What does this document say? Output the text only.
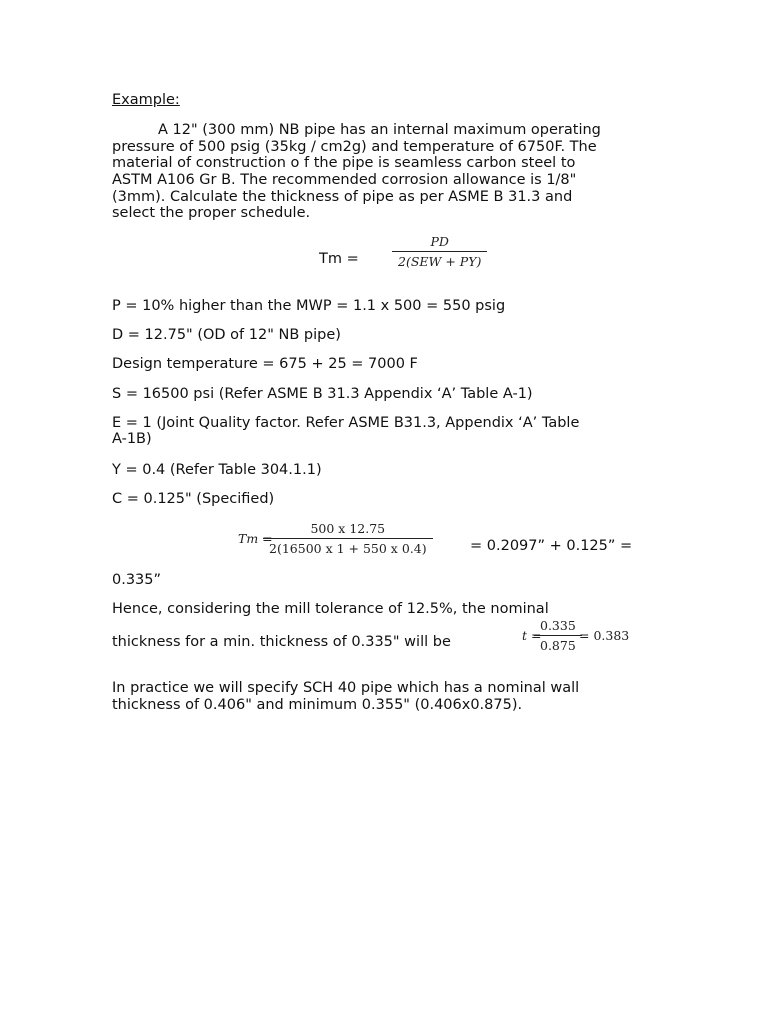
Example:
A 12" (300 mm) NB pipe has an internal maximum operating
pressure of 500 psig (35kg / cm2g) and temperature of 6750F. The
material of construction o f the pipe is seamless carbon steel to
ASTM A106 Gr B. The recommended corrosion allowance is 1/8"
(3mm). Calculate the thickness of pipe as per ASME B 31.3 and
select the proper schedule.
Tm =
PD
2(SEW + PY)
P = 10% higher than the MWP = 1.1 x 500 = 550 psig
D = 12.75" (OD of 12" NB pipe)
Design temperature = 675 + 25 = 7000 F
S = 16500 psi (Refer ASME B 31.3 Appendix ‘A’ Table A-1)
E = 1 (Joint Quality factor. Refer ASME B31.3, Appendix ‘A’ Table
A-1B)
Y = 0.4 (Refer Table 304.1.1)
C = 0.125" (Specified)
Tm =
500 x 12.75
2(16500 x 1 + 550 x 0.4)	= 0.2097” + 0.125” =
0.335”
Hence, considering the mill tolerance of 12.5%, the nominal
thickness for a min. thickness of 0.335" will be	t =
0.335
0.875
= 0.383
In practice we will specify SCH 40 pipe which has a nominal wall
thickness of 0.406" and minimum 0.355" (0.406x0.875).
